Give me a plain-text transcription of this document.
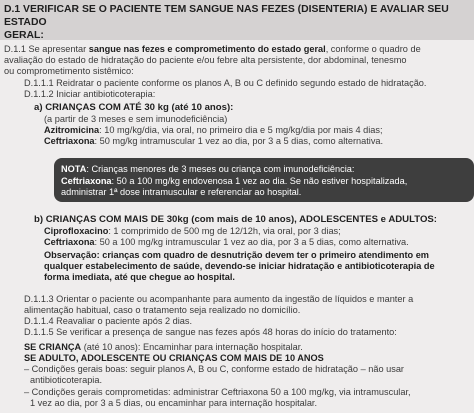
D.1 VERIFICAR SE O PACIENTE TEM SANGUE NAS FEZES (DISENTERIA) E AVALIAR SEU ESTADO
GERAL:
D.1.1 Se apresentar sangue nas fezes e comprometimento do estado geral, conforme o quadro de
avaliação do estado de hidratação do paciente e/ou febre alta persistente, dor abdominal, tenesmo
ou comprometimento sistêmico:
D.1.1.1 Reidratar o paciente conforme os planos A, B ou C definido segundo estado de hidratação.
D.1.1.2 Iniciar antibioticoterapia:
a) CRIANÇAS COM ATÉ 30 kg (até 10 anos):
(a partir de 3 meses e sem imunodeficiência)
Azitromicina: 10 mg/kg/dia, via oral, no primeiro dia e 5 mg/kg/dia por mais 4 dias;
Ceftriaxona: 50 mg/kg intramuscular 1 vez ao dia, por 3 a 5 dias, como alternativa.
NOTA: Crianças menores de 3 meses ou criança com imunodeficiência:
Ceftriaxona: 50 a 100 mg/kg endovenosa 1 vez ao dia. Se não estiver hospitalizada,
administrar 1ª dose intramuscular e referenciar ao hospital.
b) CRIANÇAS COM MAIS DE 30kg (com mais de 10 anos), ADOLESCENTES e ADULTOS:
Ciprofloxacino: 1 comprimido de 500 mg de 12/12h, via oral, por 3 dias;
Ceftriaxona: 50 a 100 mg/kg intramuscular 1 vez ao dia, por 3 a 5 dias, como alternativa.
Observação: crianças com quadro de desnutrição devem ter o primeiro atendimento em
qualquer estabelecimento de saúde, devendo-se iniciar hidratação e antibioticoterapia de
forma imediata, até que chegue ao hospital.
D.1.1.3 Orientar o paciente ou acompanhante para aumento da ingestão de líquidos e manter a
alimentação habitual, caso o tratamento seja realizado no domicílio.
D.1.1.4 Reavaliar o paciente após 2 dias.
D.1.1.5 Se verificar a presença de sangue nas fezes após 48 horas do início do tratamento:
SE CRIANÇA (até 10 anos): Encaminhar para internação hospitalar.
SE ADULTO, ADOLESCENTE OU CRIANÇAS COM MAIS DE 10 ANOS
– Condições gerais boas: seguir planos A, B ou C, conforme estado de hidratação – não usar
antibioticoterapia.
– Condições gerais comprometidas: administrar Ceftriaxona 50 a 100 mg/kg, via intramuscular,
1 vez ao dia, por 3 a 5 dias, ou encaminhar para internação hospitalar.
